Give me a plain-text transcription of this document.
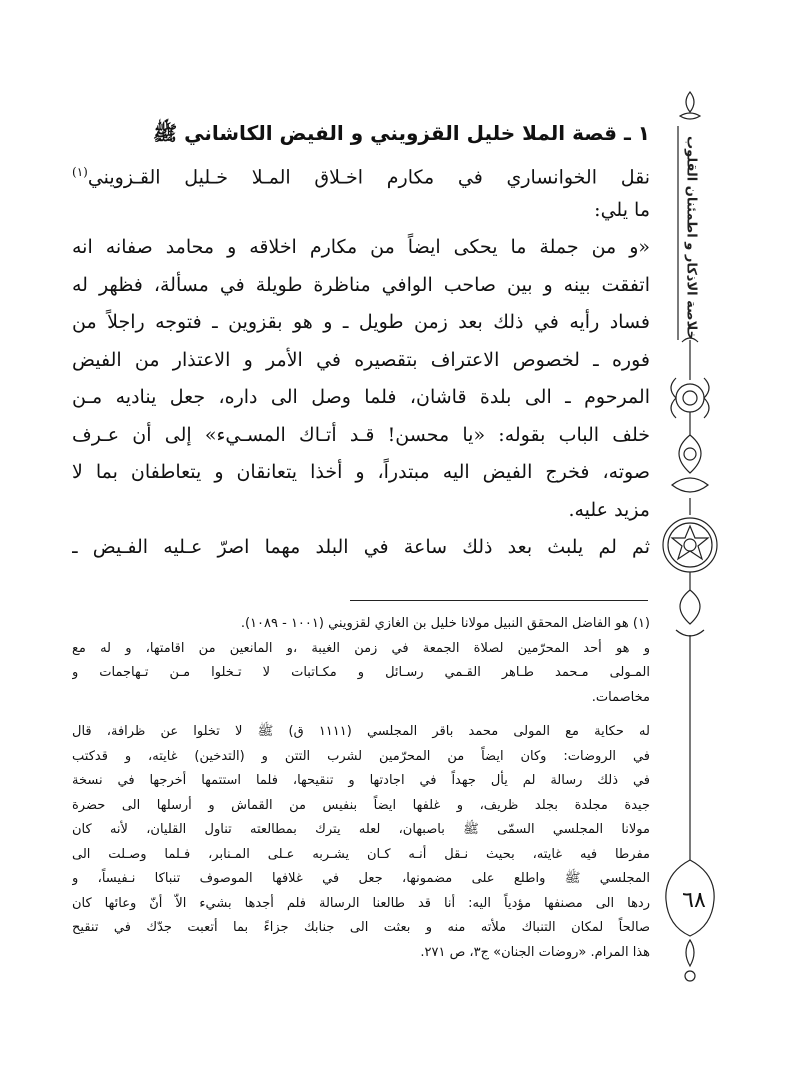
١ ـ قصة الملا خليل القزويني و الفيض الكاشاني ﷺ
نقل الخوانساري في مكارم اخـلاق المـلا خـليل القـزويني$^{(١)}$
ما يلي:
«و من جملة ما يحكى ايضاً من مكارم اخلاقه و محامد صفانه انه
اتفقت بينه و بين صاحب الوافي مناظرة طويلة في مسألة، فظهر له
فساد رأيه في ذلك بعد زمن طويل ـ و هو بقزوين ـ فتوجه راجلاً من
فوره ـ لخصوص الاعتراف بتقصيره في الأمر و الاعتذار من الفيض
المرحوم ـ الى بلدة قاشان، فلما وصل الى داره، جعل يناديه مـن
خلف الباب بقوله: «يا محسن! قـد أتـاك المسـيء» إلى أن عـرف
صوته، فخرج الفيض اليه مبتدراً، و أخذا يتعانقان و يتعاطفان بما لا
مزيد عليه.
ثم لم يلبث بعد ذلك ساعة في البلد مهما اصرّ عـليه الفـيض ـ
(١) هو الفاضل المحقق النبيل مولانا خليل بن الغازي لقزويني (١٠٠١ - ١٠٨٩).
و هو أحد المحرّمين لصلاة الجمعة في زمن الغيبة ،و المانعين من اقامتها، و له مع
المـولى مـحمد طـاهر القـمي رسـائل و مكـاتبات لا تـخلوا مـن تـهاجمات و
مخاصمات.
له حكاية مع المولى محمد باقر المجلسي (١١١١ ق) ﷺ لا تخلوا عن ظرافة، قال
في الروضات: وكان ايضاً من المحرّمين لشرب التتن و (التدخين) غايته، و قدكتب
في ذلك رسالة لم يأل جهداً في اجادتها و تنقيحها، فلما استتمها أخرجها في نسخة
جيدة مجلدة بجلد ظريف، و غلفها ايضاً بنفيس من القماش و أرسلها الى حضرة
مولانا المجلسي السمّى ﷺ باصبهان، لعله يترك بمطالعته تناول القليان، لأنه كان
مفرطا فيه غايته، بحيث نـقل أنـه كـان يشـربه عـلى المـنابر، فـلما وصـلت الى
المجلسي ﷺ واطلع على مضمونها، جعل في غلافها الموصوف تنباكا نـفيساً، و
ردها الى مصنفها مؤدياً اليه: أنا قد طالعنا الرسالة فلم أجدها بشيء الاّ أنّ وعائها كان
صالحاً لمكان التنباك ملأته منه و بعثت الى جنابك جزاءً بما أتعبت جدّك في تنقيح
هذا المرام. «روضات الجنان» ج٣، ص ٢٧١.
خلاصة الاذكار و اطمئنان القلوب
٦٨
